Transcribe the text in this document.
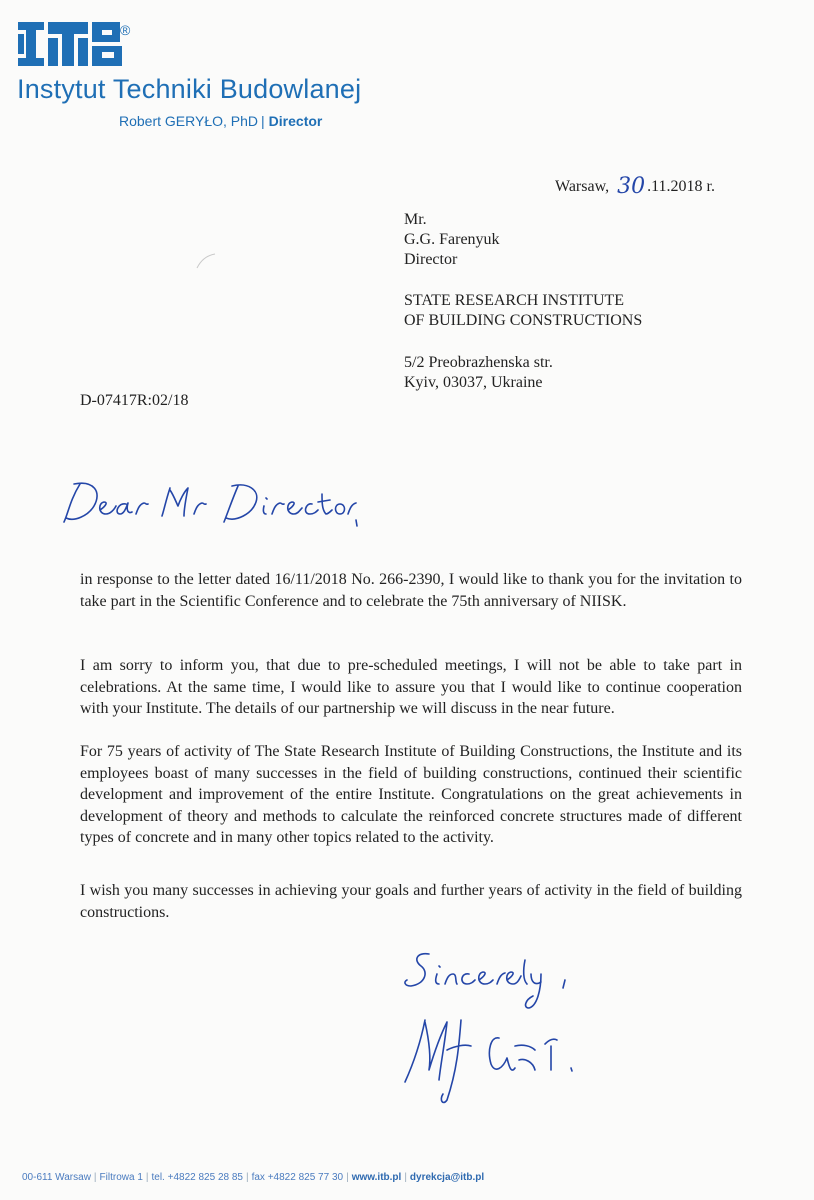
®
Instytut Techniki Budowlanej
Robert GERYŁO, PhD | Director
Warsaw, 30 .11.2018 r.
Mr.
G.G. Farenyuk
Director
STATE RESEARCH INSTITUTE
OF BUILDING CONSTRUCTIONS
5/2 Preobrazhenska str.
Kyiv, 03037, Ukraine
D-07417R:02/18

in response to the letter dated 16/11/2018 No. 266-2390, I would like to thank you for the invitation to take part in the Scientific Conference and to celebrate the 75th anniversary of NIISK.

I am sorry to inform you, that due to pre-scheduled meetings, I will not be able to take part in celebrations. At the same time, I would like to assure you that I would like to continue cooperation with your Institute. The details of our partnership we will discuss in the near future.

For 75 years of activity of The State Research Institute of Building Constructions, the Institute and its employees boast of many successes in the field of building constructions, continued their scientific development and improvement of the entire Institute. Congratulations on the great achievements in development of theory and methods to calculate the reinforced concrete structures made of different types of concrete and in many other topics related to the activity.

I wish you many successes in achieving your goals and further years of activity in the field of building constructions.

00-611 Warsaw | Filtrowa 1 | tel. +4822 825 28 85 | fax +4822 825 77 30 | www.itb.pl | dyrekcja@itb.pl
